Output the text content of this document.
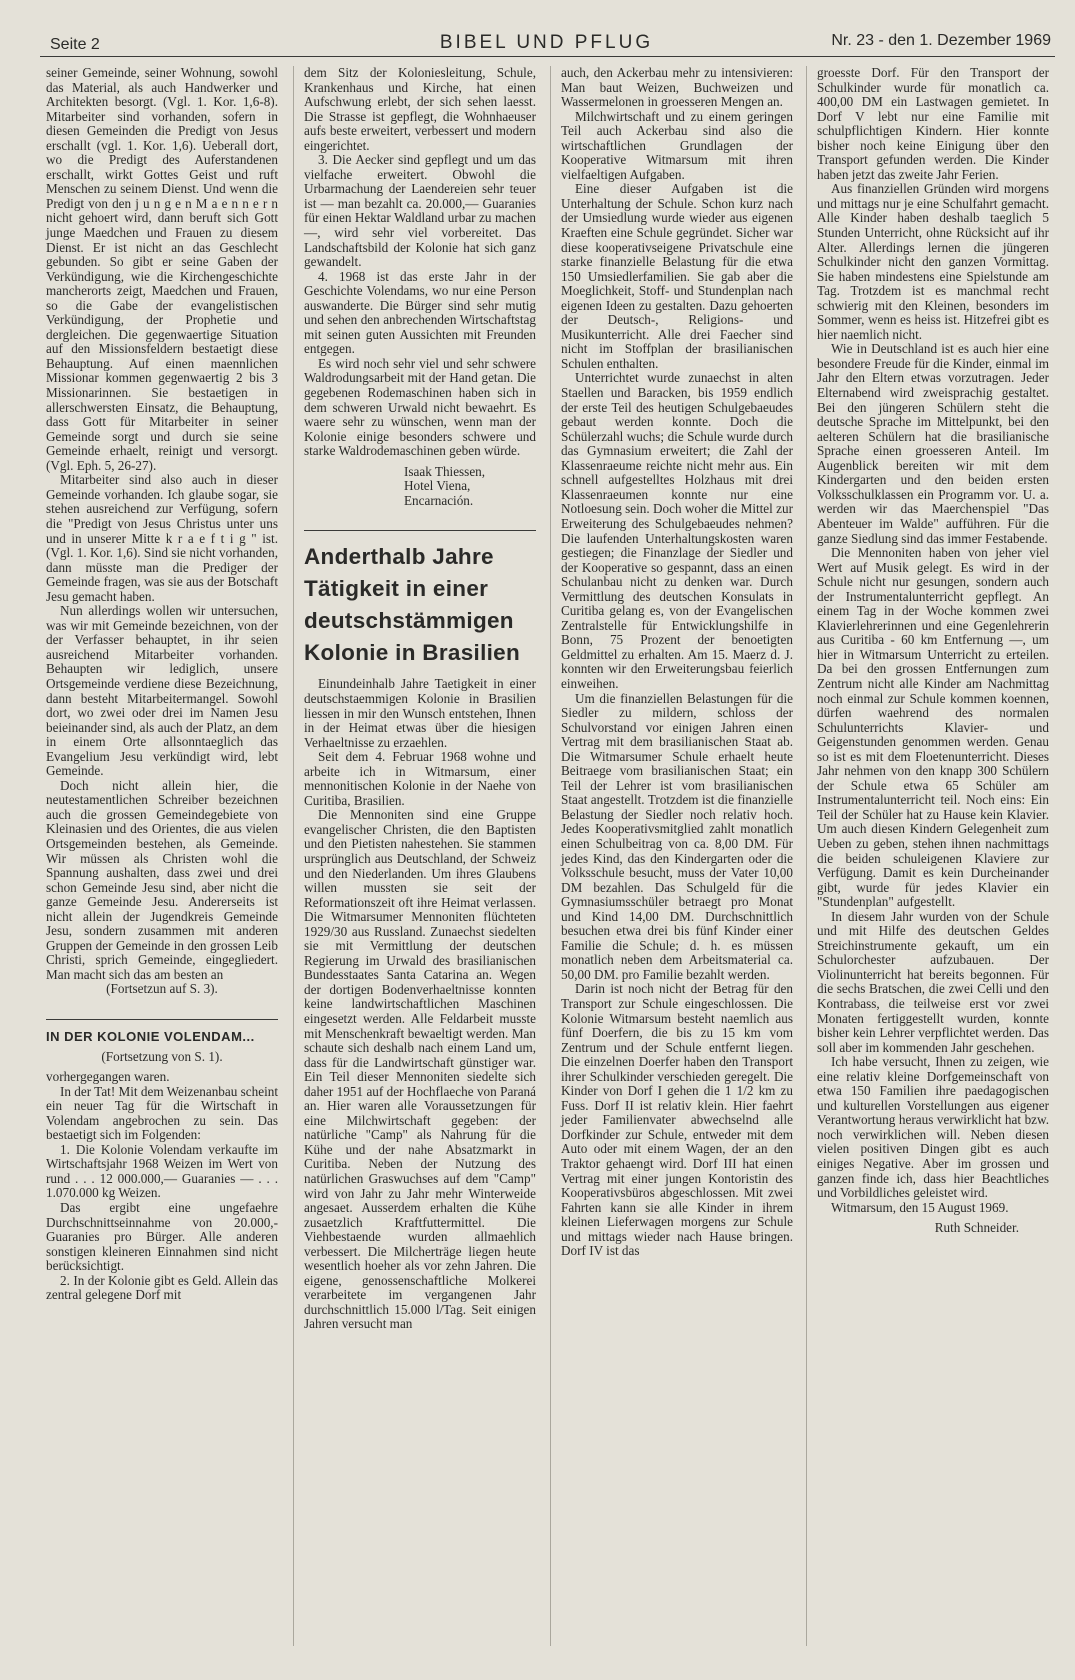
Seite 2	BIBEL UND PFLUG	Nr. 23 - den 1. Dezember 1969

seiner Gemeinde, seiner Wohnung, sowohl das Material, als auch Handwerker und Architekten besorgt. (Vgl. 1. Kor. 1,6-8). Mitarbeiter sind vorhanden, sofern in diesen Gemeinden die Predigt von Jesus erschallt (vgl. 1. Kor. 1,6). Ueberall dort, wo die Predigt des Auferstandenen erschallt, wirkt Gottes Geist und ruft Menschen zu seinem Dienst. Und wenn die Predigt von den j u n g e n M a e n n e r n nicht gehoert wird, dann beruft sich Gott junge Maedchen und Frauen zu diesem Dienst. Er ist nicht an das Geschlecht gebunden. So gibt er seine Gaben der Verkündigung, wie die Kirchengeschichte mancherorts zeigt, Maedchen und Frauen, so die Gabe der evangelistischen Verkündigung, der Prophetie und dergleichen. Die gegenwaertige Situation auf den Missionsfeldern bestaetigt diese Behauptung. Auf einen maennlichen Missionar kommen gegenwaertig 2 bis 3 Missionarinnen. Sie bestaetigen in allerschwersten Einsatz, die Behauptung, dass Gott für Mitarbeiter in seiner Gemeinde sorgt und durch sie seine Gemeinde erhaelt, reinigt und versorgt. (Vgl. Eph. 5, 26-27).

Mitarbeiter sind also auch in dieser Gemeinde vorhanden. Ich glaube sogar, sie stehen ausreichend zur Verfügung, sofern die "Predigt von Jesus Christus unter uns und in unserer Mitte k r a e f t i g " ist. (Vgl. 1. Kor. 1,6). Sind sie nicht vorhanden, dann müsste man die Prediger der Gemeinde fragen, was sie aus der Botschaft Jesu gemacht haben.

Nun allerdings wollen wir untersuchen, was wir mit Gemeinde bezeichnen, von der der Verfasser behauptet, in ihr seien ausreichend Mitarbeiter vorhanden. Behaupten wir lediglich, unsere Ortsgemeinde verdiene diese Bezeichnung, dann besteht Mitarbeitermangel. Sowohl dort, wo zwei oder drei im Namen Jesu beieinander sind, als auch der Platz, an dem in einem Orte allsonntaeglich das Evangelium Jesu verkündigt wird, lebt Gemeinde.

Doch nicht allein hier, die neutestamentlichen Schreiber bezeichnen auch die grossen Gemeindegebiete von Kleinasien und des Orientes, die aus vielen Ortsgemeinden bestehen, als Gemeinde. Wir müssen als Christen wohl die Spannung aushalten, dass zwei und drei schon Gemeinde Jesu sind, aber nicht die ganze Gemeinde Jesu. Andererseits ist nicht allein der Jugendkreis Gemeinde Jesu, sondern zusammen mit anderen Gruppen der Gemeinde in den grossen Leib Christi, sprich Gemeinde, eingegliedert. Man macht sich das am besten an

(Fortsetzun auf S. 3).

IN DER KOLONIE VOLENDAM...

(Fortsetzung von S. 1).

vorhergegangen waren.

In der Tat! Mit dem Weizenanbau scheint ein neuer Tag für die Wirtschaft in Volendam angebrochen zu sein. Das bestaetigt sich im Folgenden:

1. Die Kolonie Volendam verkaufte im Wirtschaftsjahr 1968 Weizen im Wert von rund . . . 12 000.000,— Guaranies — . . . 1.070.000 kg Weizen.

Das ergibt eine ungefaehre Durchschnittseinnahme von 20.000,- Guaranies pro Bürger. Alle anderen sonstigen kleineren Einnahmen sind nicht berücksichtigt.

2. In der Kolonie gibt es Geld. Allein das zentral gelegene Dorf mit

dem Sitz der Koloniesleitung, Schule, Krankenhaus und Kirche, hat einen Aufschwung erlebt, der sich sehen laesst. Die Strasse ist gepflegt, die Wohnhaeuser aufs beste erweitert, verbessert und modern eingerichtet.

3. Die Aecker sind gepflegt und um das vielfache erweitert. Obwohl die Urbarmachung der Laendereien sehr teuer ist — man bezahlt ca. 20.000,— Guaranies für einen Hektar Waldland urbar zu machen —, wird sehr viel vorbereitet. Das Landschaftsbild der Kolonie hat sich ganz gewandelt.

4. 1968 ist das erste Jahr in der Geschichte Volendams, wo nur eine Person auswanderte. Die Bürger sind sehr mutig und sehen den anbrechenden Wirtschaftstag mit seinen guten Aussichten mit Freunden entgegen.

Es wird noch sehr viel und sehr schwere Waldrodungsarbeit mit der Hand getan. Die gegebenen Rodemaschinen haben sich in dem schweren Urwald nicht bewaehrt. Es waere sehr zu wünschen, wenn man der Kolonie einige besonders schwere und starke Waldrodemaschinen geben würde.

Isaak Thiessen,

Hotel Viena,

Encarnación.

Anderthalb Jahre Tätigkeit in einer deutschstämmigen Kolonie in Brasilien

Einundeinhalb Jahre Taetigkeit in einer deutschstaemmigen Kolonie in Brasilien liessen in mir den Wunsch entstehen, Ihnen in der Heimat etwas über die hiesigen Verhaeltnisse zu erzaehlen.

Seit dem 4. Februar 1968 wohne und arbeite ich in Witmarsum, einer mennonitischen Kolonie in der Naehe von Curitiba, Brasilien.

Die Mennoniten sind eine Gruppe evangelischer Christen, die den Baptisten und den Pietisten nahestehen. Sie stammen ursprünglich aus Deutschland, der Schweiz und den Niederlanden. Um ihres Glaubens willen mussten sie seit der Reformationszeit oft ihre Heimat verlassen. Die Witmarsumer Mennoniten flüchteten 1929/30 aus Russland. Zunaechst siedelten sie mit Vermittlung der deutschen Regierung im Urwald des brasilianischen Bundesstaates Santa Catarina an. Wegen der dortigen Bodenverhaeltnisse konnten keine landwirtschaftlichen Maschinen eingesetzt werden. Alle Feldarbeit musste mit Menschenkraft bewaeltigt werden. Man schaute sich deshalb nach einem Land um, dass für die Landwirtschaft günstiger war. Ein Teil dieser Mennoniten siedelte sich daher 1951 auf der Hochflaeche von Paraná an. Hier waren alle Voraussetzungen für eine Milchwirtschaft gegeben: der natürliche "Camp" als Nahrung für die Kühe und der nahe Absatzmarkt in Curitiba. Neben der Nutzung des natürlichen Graswuchses auf dem "Camp" wird von Jahr zu Jahr mehr Winterweide angesaet. Ausserdem erhalten die Kühe zusaetzlich Kraftfuttermittel. Die Viehbestaende wurden allmaehlich verbessert. Die Milcherträge liegen heute wesentlich hoeher als vor zehn Jahren. Die eigene, genossenschaftliche Molkerei verarbeitete im vergangenen Jahr durchschnittlich 15.000 l/Tag. Seit einigen Jahren versucht man

auch, den Ackerbau mehr zu intensivieren: Man baut Weizen, Buchweizen und Wassermelonen in groesseren Mengen an.

Milchwirtschaft und zu einem geringen Teil auch Ackerbau sind also die wirtschaftlichen Grundlagen der Kooperative Witmarsum mit ihren vielfaeltigen Aufgaben.

Eine dieser Aufgaben ist die Unterhaltung der Schule. Schon kurz nach der Umsiedlung wurde wieder aus eigenen Kraeften eine Schule gegründet. Sicher war diese kooperativseigene Privatschule eine starke finanzielle Belastung für die etwa 150 Umsiedlerfamilien. Sie gab aber die Moeglichkeit, Stoff- und Stundenplan nach eigenen Ideen zu gestalten. Dazu gehoerten der Deutsch-, Religions- und Musikunterricht. Alle drei Faecher sind nicht im Stoffplan der brasilianischen Schulen enthalten.

Unterrichtet wurde zunaechst in alten Staellen und Baracken, bis 1959 endlich der erste Teil des heutigen Schulgebaeudes gebaut werden konnte. Doch die Schülerzahl wuchs; die Schule wurde durch das Gymnasium erweitert; die Zahl der Klassenraeume reichte nicht mehr aus. Ein schnell aufgestelltes Holzhaus mit drei Klassenraeumen konnte nur eine Notloesung sein. Doch woher die Mittel zur Erweiterung des Schulgebaeudes nehmen? Die laufenden Unterhaltungskosten waren gestiegen; die Finanzlage der Siedler und der Kooperative so gespannt, dass an einen Schulanbau nicht zu denken war. Durch Vermittlung des deutschen Konsulats in Curitiba gelang es, von der Evangelischen Zentralstelle für Entwicklungshilfe in Bonn, 75 Prozent der benoetigten Geldmittel zu erhalten. Am 15. Maerz d. J. konnten wir den Erweiterungsbau feierlich einweihen.

Um die finanziellen Belastungen für die Siedler zu mildern, schloss der Schulvorstand vor einigen Jahren einen Vertrag mit dem brasilianischen Staat ab. Die Witmarsumer Schule erhaelt heute Beitraege vom brasilianischen Staat; ein Teil der Lehrer ist vom brasilianischen Staat angestellt. Trotzdem ist die finanzielle Belastung der Siedler noch relativ hoch. Jedes Kooperativsmitglied zahlt monatlich einen Schulbeitrag von ca. 8,00 DM. Für jedes Kind, das den Kindergarten oder die Volksschule besucht, muss der Vater 10,00 DM bezahlen. Das Schulgeld für die Gymnasiumsschüler betraegt pro Monat und Kind 14,00 DM. Durchschnittlich besuchen etwa drei bis fünf Kinder einer Familie die Schule; d. h. es müssen monatlich neben dem Arbeitsmaterial ca. 50,00 DM. pro Familie bezahlt werden.

Darin ist noch nicht der Betrag für den Transport zur Schule eingeschlossen. Die Kolonie Witmarsum besteht naemlich aus fünf Doerfern, die bis zu 15 km vom Zentrum und der Schule entfernt liegen. Die einzelnen Doerfer haben den Transport ihrer Schulkinder verschieden geregelt. Die Kinder von Dorf I gehen die 1 1/2 km zu Fuss. Dorf II ist relativ klein. Hier faehrt jeder Familienvater abwechselnd alle Dorfkinder zur Schule, entweder mit dem Auto oder mit einem Wagen, der an den Traktor gehaengt wird. Dorf III hat einen Vertrag mit einer jungen Kontoristin des Kooperativsbüros abgeschlossen. Mit zwei Fahrten kann sie alle Kinder in ihrem kleinen Lieferwagen morgens zur Schule und mittags wieder nach Hause bringen. Dorf IV ist das

groesste Dorf. Für den Transport der Schulkinder wurde für monatlich ca. 400,00 DM ein Lastwagen gemietet. In Dorf V lebt nur eine Familie mit schulpflichtigen Kindern. Hier konnte bisher noch keine Einigung über den Transport gefunden werden. Die Kinder haben jetzt das zweite Jahr Ferien.

Aus finanziellen Gründen wird morgens und mittags nur je eine Schulfahrt gemacht. Alle Kinder haben deshalb taeglich 5 Stunden Unterricht, ohne Rücksicht auf ihr Alter. Allerdings lernen die jüngeren Schulkinder nicht den ganzen Vormittag. Sie haben mindestens eine Spielstunde am Tag. Trotzdem ist es manchmal recht schwierig mit den Kleinen, besonders im Sommer, wenn es heiss ist. Hitzefrei gibt es hier naemlich nicht.

Wie in Deutschland ist es auch hier eine besondere Freude für die Kinder, einmal im Jahr den Eltern etwas vorzutragen. Jeder Elternabend wird zweisprachig gestaltet. Bei den jüngeren Schülern steht die deutsche Sprache im Mittelpunkt, bei den aelteren Schülern hat die brasilianische Sprache einen groesseren Anteil. Im Augenblick bereiten wir mit dem Kindergarten und den beiden ersten Volksschulklassen ein Programm vor. U. a. werden wir das Maerchenspiel "Das Abenteuer im Walde" aufführen. Für die ganze Siedlung sind das immer Festabende.

Die Mennoniten haben von jeher viel Wert auf Musik gelegt. Es wird in der Schule nicht nur gesungen, sondern auch der Instrumentalunterricht gepflegt. An einem Tag in der Woche kommen zwei Klavierlehrerinnen und eine Gegenlehrerin aus Curitiba - 60 km Entfernung —, um hier in Witmarsum Unterricht zu erteilen. Da bei den grossen Entfernungen zum Zentrum nicht alle Kinder am Nachmittag noch einmal zur Schule kommen koennen, dürfen waehrend des normalen Schulunterrichts Klavier- und Geigenstunden genommen werden. Genau so ist es mit dem Floetenunterricht. Dieses Jahr nehmen von den knapp 300 Schülern der Schule etwa 65 Schüler am Instrumentalunterricht teil. Noch eins: Ein Teil der Schüler hat zu Hause kein Klavier. Um auch diesen Kindern Gelegenheit zum Ueben zu geben, stehen ihnen nachmittags die beiden schuleigenen Klaviere zur Verfügung. Damit es kein Durcheinander gibt, wurde für jedes Klavier ein "Stundenplan" aufgestellt.

In diesem Jahr wurden von der Schule und mit Hilfe des deutschen Geldes Streichinstrumente gekauft, um ein Schulorchester aufzubauen. Der Violinunterricht hat bereits begonnen. Für die sechs Bratschen, die zwei Celli und den Kontrabass, die teilweise erst vor zwei Monaten fertiggestellt wurden, konnte bisher kein Lehrer verpflichtet werden. Das soll aber im kommenden Jahr geschehen.

Ich habe versucht, Ihnen zu zeigen, wie eine relativ kleine Dorfgemeinschaft von etwa 150 Familien ihre paedagogischen und kulturellen Vorstellungen aus eigener Verantwortung heraus verwirklicht hat bzw. noch verwirklichen will. Neben diesen vielen positiven Dingen gibt es auch einiges Negative. Aber im grossen und ganzen finde ich, dass hier Beachtliches und Vorbildliches geleistet wird.

Witmarsum, den 15 August 1969.

Ruth Schneider.
